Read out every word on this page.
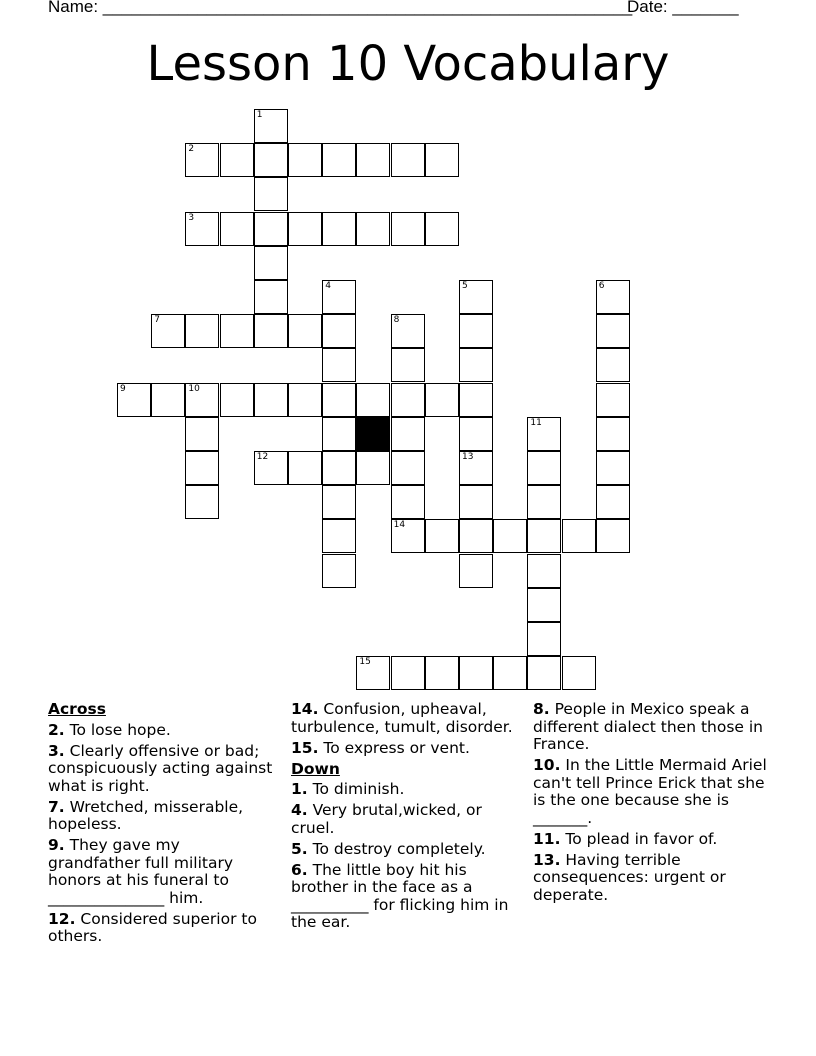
Name: ________________________________________________________
Date: _______
Lesson 10 Vocabulary
1
2
3
4	5
13
6
7	8
14
9	10
11
12
15
Across
2. To lose hope.
3. Clearly offensive or bad; conspicuously acting against what is right.
7. Wretched, misserable, hopeless.
9. They gave my grandfather full military honors at his funeral to _______________ him.
12. Considered superior to others.
14. Confusion, upheaval, turbulence, tumult, disorder.
15. To express or vent.
Down
1. To diminish.
4. Very brutal,wicked, or cruel.
5. To destroy completely.
6. The little boy hit his brother in the face as a __________ for flicking him in the ear.
8. People in Mexico speak a different dialect then those in France.
10. In the Little Mermaid Ariel can't tell Prince Erick that she is the one because she is _______.
11. To plead in favor of.
13. Having terrible consequences: urgent or deperate.
